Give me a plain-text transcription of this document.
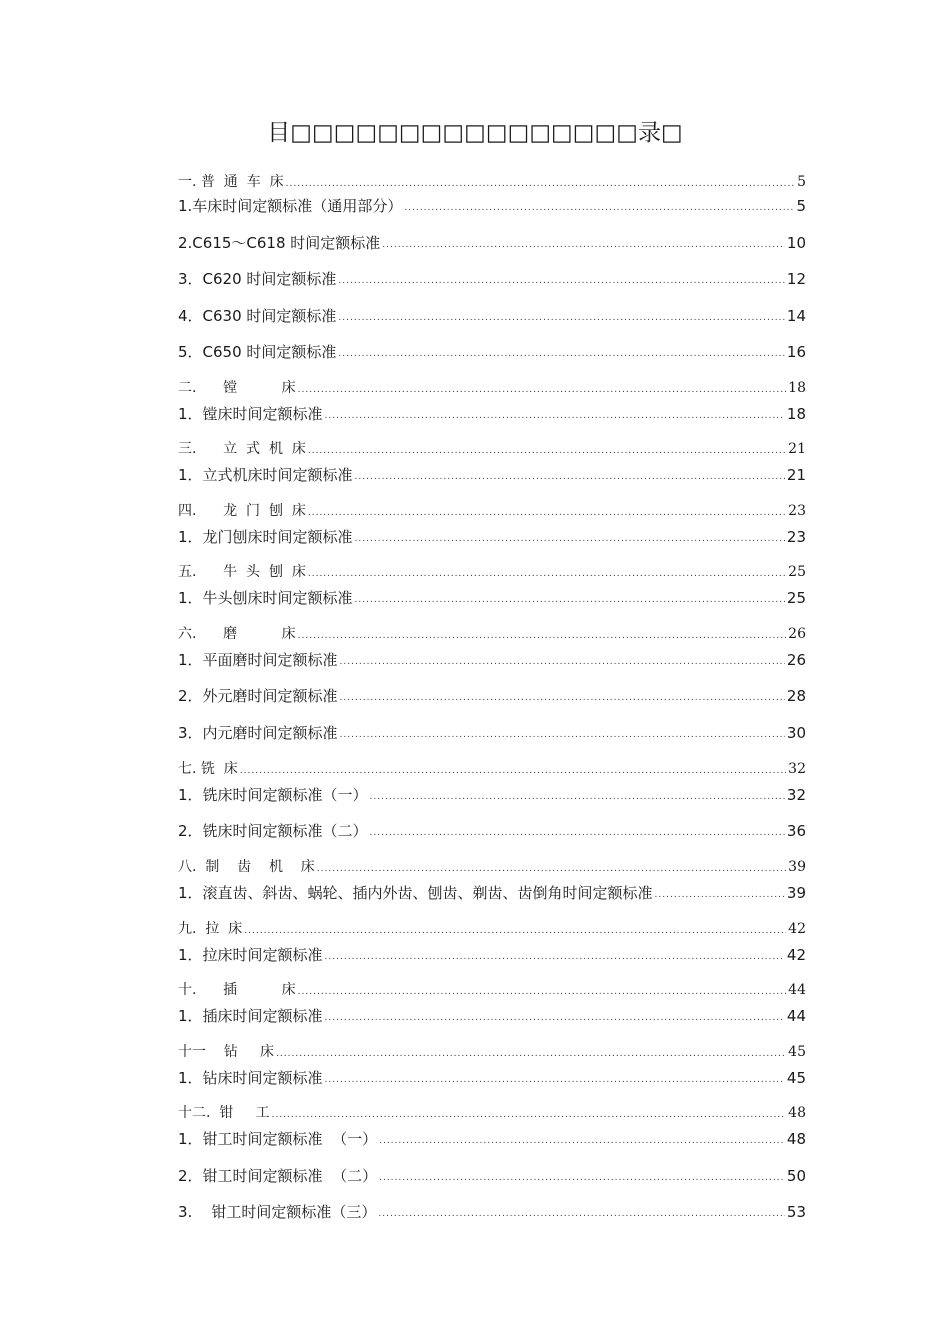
目□□□□□□□□□□□□□□□□录□
一. 普  通  车  床 .....	5
1.车床时间定额标准（通用部分） .....	5
2.C615～C618 时间定额标准 .....	10
3．C620 时间定额标准 .....	12
4．C630 时间定额标准 .....	14
5．C650 时间定额标准 .....	16
二.      镗          床 .....	18
1．镗床时间定额标准 .....	18
三.      立  式  机  床 .....	21
1．立式机床时间定额标准 .....	21
四.      龙  门  刨  床 .....	23
1．龙门刨床时间定额标准 .....	23
五.      牛  头  刨  床 .....	25
1．牛头刨床时间定额标准 .....	25
六.      磨          床 .....	26
1．平面磨时间定额标准 .....	26
2．外元磨时间定额标准 .....	28
3．内元磨时间定额标准 .....	30
七. 铣  床 .....	32
1．铣床时间定额标准（一） .....	32
2．铣床时间定额标准（二） .....	36
八.  制    齿    机    床 .....	39
1．滚直齿、斜齿、蜗轮、插内外齿、刨齿、剃齿、齿倒角时间定额标准 .....	39
九.  拉  床 .....	42
1．拉床时间定额标准 .....	42
十.      插          床 .....	44
1．插床时间定额标准 .....	44
十一    钻     床 .....	45
1．钻床时间定额标准 .....	45
十二.  钳     工 .....	48
1．钳工时间定额标准  （一） .....	48
2．钳工时间定额标准  （二） .....	50
3.    钳工时间定额标准（三） .....	53
